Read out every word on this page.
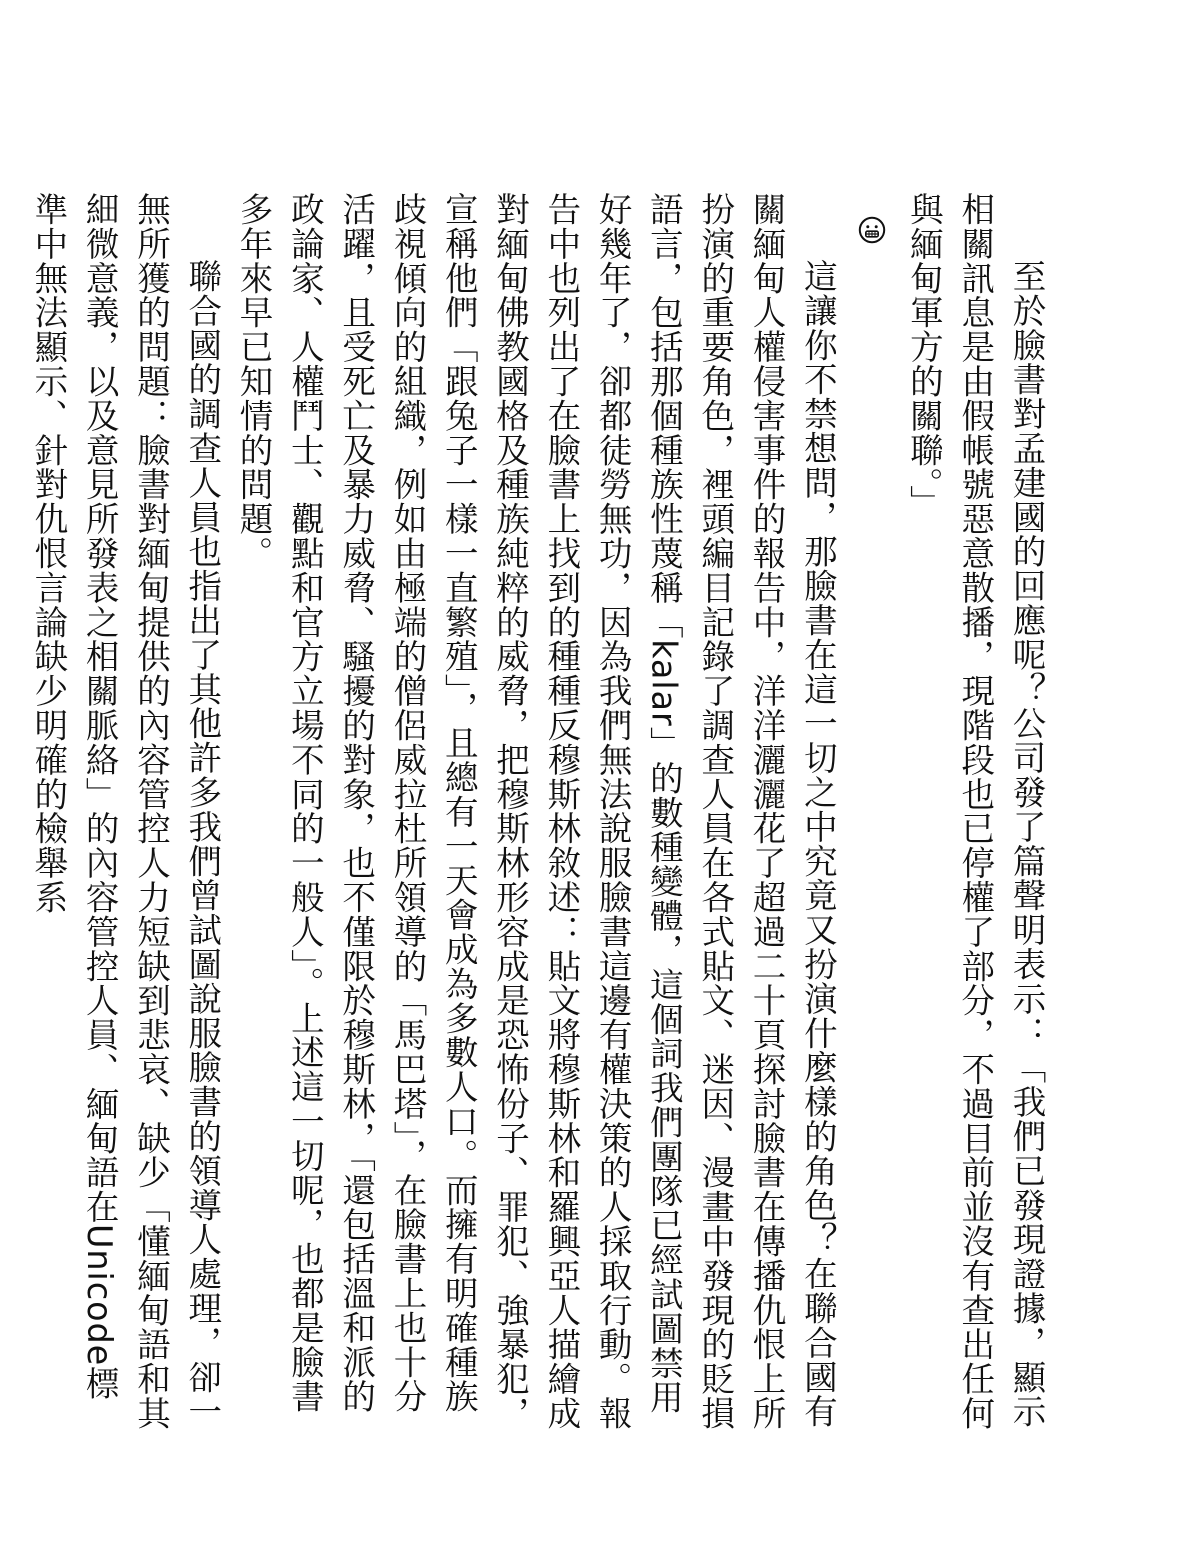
至於臉書對孟建國的回應呢？公司發了篇聲明表示：「我們已發現證據，顯示相關訊息是由假帳號惡意散播，現階段也已停權了部分，不過目前並沒有查出任何與緬甸軍方的關聯。」

這讓你不禁想問，那臉書在這一切之中究竟又扮演什麼樣的角色？在聯合國有關緬甸人權侵害事件的報告中，洋洋灑灑花了超過二十頁探討臉書在傳播仇恨上所扮演的重要角色，裡頭編目記錄了調查人員在各式貼文、迷因、漫畫中發現的貶損語言，包括那個種族性蔑稱「kalar」的數種變體，這個詞我們團隊已經試圖禁用好幾年了，卻都徒勞無功，因為我們無法說服臉書這邊有權決策的人採取行動。報告中也列出了在臉書上找到的種種反穆斯林敘述：貼文將穆斯林和羅興亞人描繪成對緬甸佛教國格及種族純粹的威脅，把穆斯林形容成是恐怖份子、罪犯、強暴犯，宣稱他們「跟兔子一樣一直繁殖」，且總有一天會成為多數人口。而擁有明確種族歧視傾向的組織，例如由極端的僧侶威拉杜所領導的「馬巴塔」，在臉書上也十分活躍，且受死亡及暴力威脅、騷擾的對象，也不僅限於穆斯林，「還包括溫和派的政論家、人權鬥士、觀點和官方立場不同的一般人」。上述這一切呢，也都是臉書多年來早已知情的問題。

聯合國的調查人員也指出了其他許多我們曾試圖說服臉書的領導人處理，卻一無所獲的問題：臉書對緬甸提供的內容管控人力短缺到悲哀、缺少「懂緬甸語和其細微意義，以及意見所發表之相關脈絡」的內容管控人員、緬甸語在Unicode標準中無法顯示、針對仇恨言論缺少明確的檢舉系
